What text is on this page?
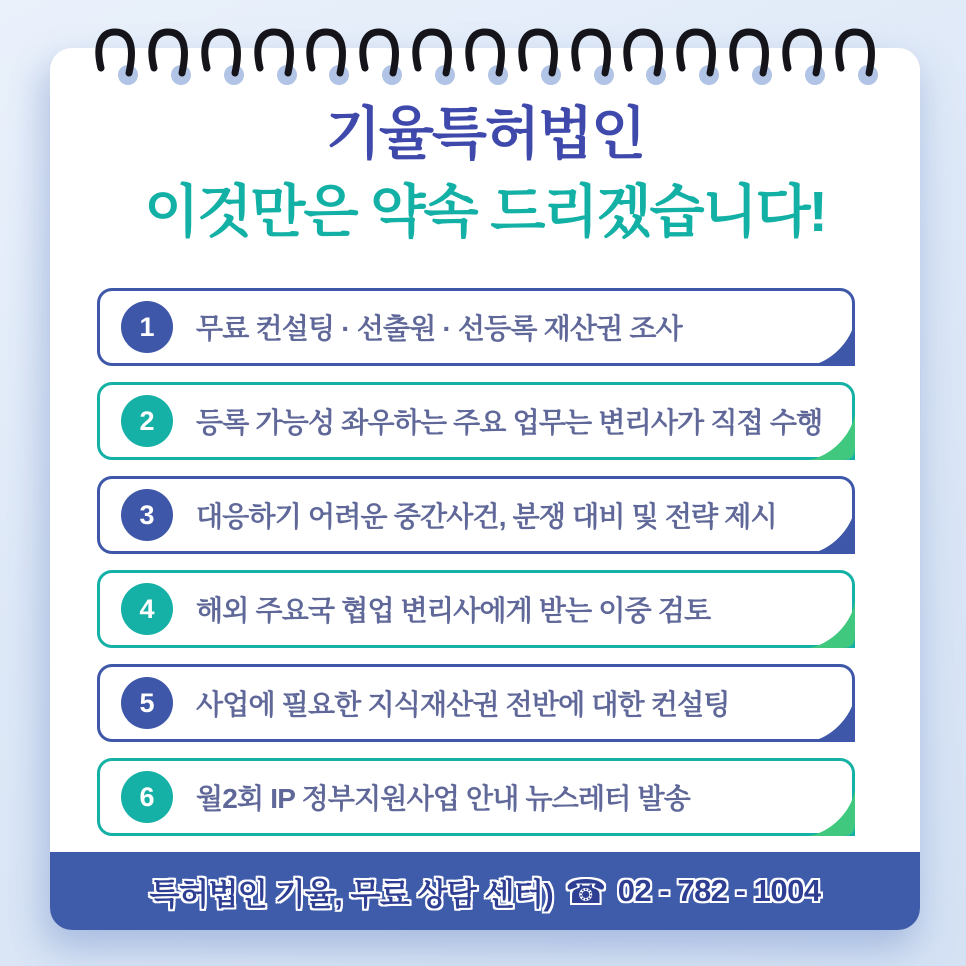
기율특허법인
이것만은 약속 드리겠습니다!
1	무료 컨설팅 · 선출원 · 선등록 재산권 조사
2	등록 가능성 좌우하는 주요 업무는 변리사가 직접 수행
3	대응하기 어려운 중간사건, 분쟁 대비 및 전략 제시
4	해외 주요국 협업 변리사에게 받는 이중 검토
5	사업에 필요한 지식재산권 전반에 대한 컨설팅
6	월2회 IP 정부지원사업 안내 뉴스레터 발송
특허법인 기율, 무료 상담 센터) ☎ 02 - 782 - 1004
